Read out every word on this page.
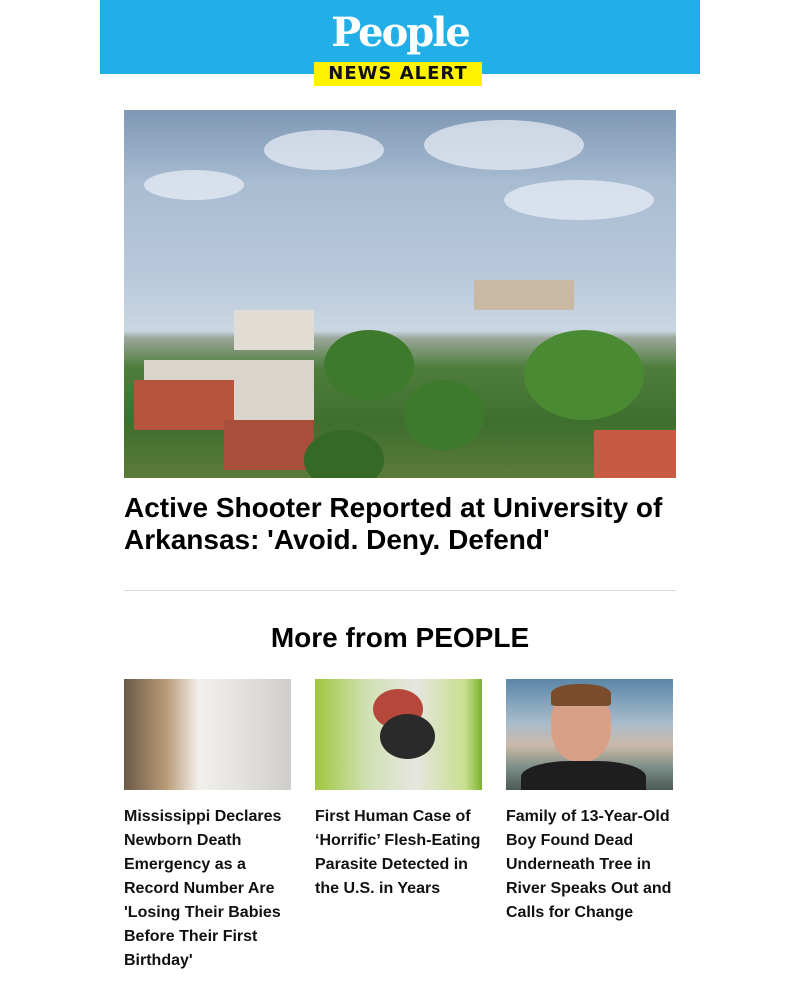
People
NEWS ALERT
Active Shooter Reported at University of Arkansas: 'Avoid. Deny. Defend'
More from PEOPLE
Mississippi Declares Newborn Death Emergency as a Record Number Are 'Losing Their Babies Before Their First Birthday'
First Human Case of ‘Horrific’ Flesh-Eating Parasite Detected in the U.S. in Years
Family of 13-Year-Old Boy Found Dead Underneath Tree in River Speaks Out and Calls for Change
